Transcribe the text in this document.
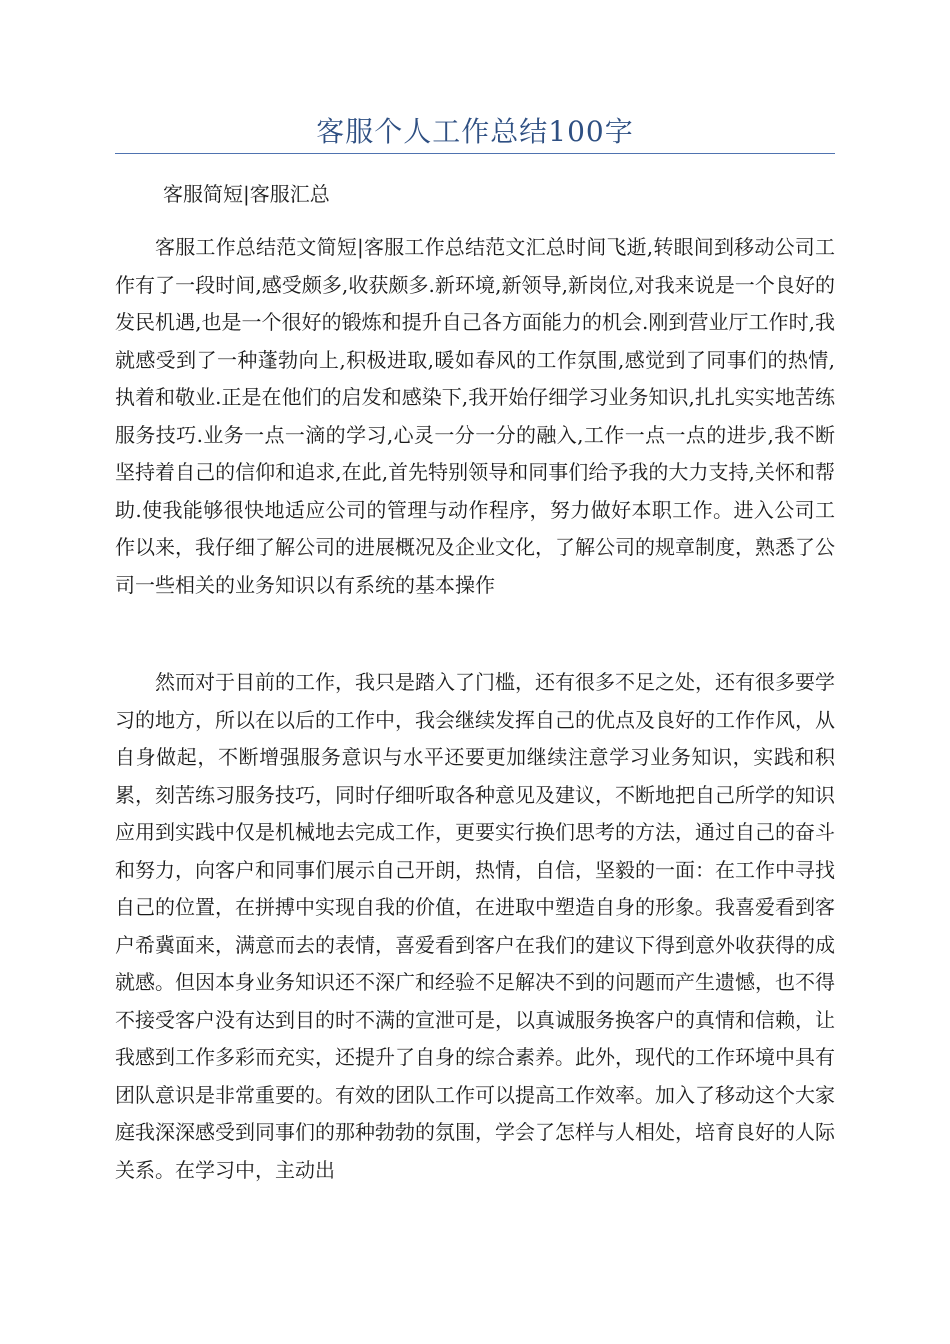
客服个人工作总结100字
客服简短|客服汇总

客服工作总结范文简短|客服工作总结范文汇总时间飞逝,转眼间到移动公司工作有了一段时间,感受颇多,收获颇多.新环境,新领导,新岗位,对我来说是一个良好的发民机遇,也是一个很好的锻炼和提升自己各方面能力的机会.刚到营业厅工作时,我就感受到了一种蓬勃向上,积极进取,暖如春风的工作氛围,感觉到了同事们的热情,执着和敬业.正是在他们的启发和感染下,我开始仔细学习业务知识,扎扎实实地苦练服务技巧.业务一点一滴的学习,心灵一分一分的融入,工作一点一点的进步,我不断坚持着自己的信仰和追求,在此,首先特别领导和同事们给予我的大力支持,关怀和帮助.使我能够很快地适应公司的管理与动作程序，努力做好本职工作。进入公司工作以来，我仔细了解公司的进展概况及企业文化，了解公司的规章制度，熟悉了公司一些相关的业务知识以有系统的基本操作

然而对于目前的工作，我只是踏入了门槛，还有很多不足之处，还有很多要学习的地方，所以在以后的工作中，我会继续发挥自己的优点及良好的工作作风，从自身做起，不断增强服务意识与水平还要更加继续注意学习业务知识，实践和积累，刻苦练习服务技巧，同时仔细听取各种意见及建议，不断地把自己所学的知识应用到实践中仅是机械地去完成工作，更要实行换们思考的方法，通过自己的奋斗和努力，向客户和同事们展示自己开朗，热情，自信，坚毅的一面：在工作中寻找自己的位置，在拼搏中实现自我的价值，在进取中塑造自身的形象。我喜爱看到客户希冀面来，满意而去的表情，喜爱看到客户在我们的建议下得到意外收获得的成就感。但因本身业务知识还不深广和经验不足解决不到的问题而产生遗憾，也不得不接受客户没有达到目的时不满的宣泄可是，以真诚服务换客户的真情和信赖，让我感到工作多彩而充实，还提升了自身的综合素养。此外，现代的工作环境中具有团队意识是非常重要的。有效的团队工作可以提高工作效率。加入了移动这个大家庭我深深感受到同事们的那种勃勃的氛围，学会了怎样与人相处，培育良好的人际关系。在学习中，主动出
